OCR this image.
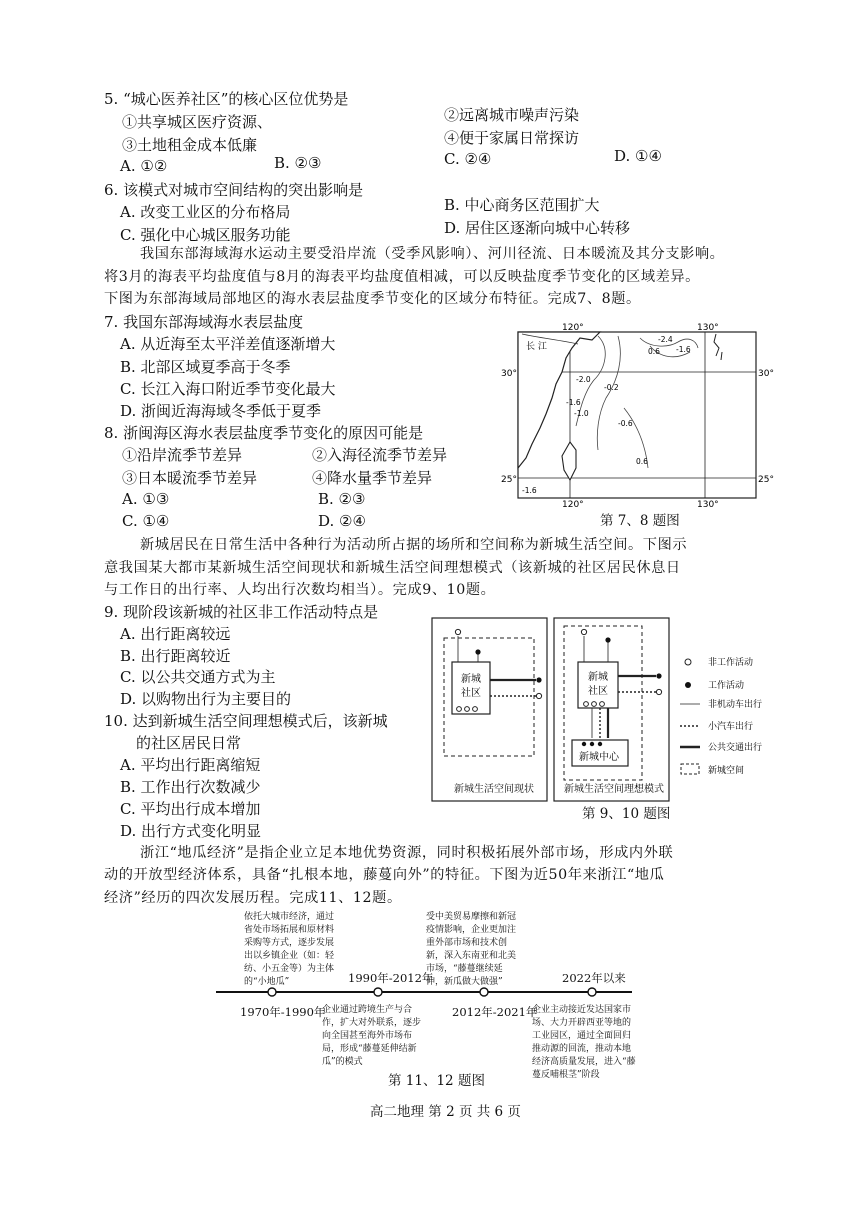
5. “城心医养社区”的核心区位优势是
①共享城区医疗资源、	②远离城市噪声污染
③土地租金成本低廉	④便于家属日常探访
A. ①②	B. ②③	C. ②④	D. ①④
6. 该模式对城市空间结构的突出影响是
A. 改变工业区的分布格局	B. 中心商务区范围扩大
C. 强化中心城区服务功能	D. 居住区逐渐向城中心转移
我国东部海域海水运动主要受沿岸流（受季风影响）、河川径流、日本暖流及其分支影响。
将3月的海表平均盐度值与8月的海表平均盐度值相减，可以反映盐度季节变化的区域差异。
下图为东部海域局部地区的海水表层盐度季节变化的区域分布特征。完成7、8题。
7. 我国东部海域海水表层盐度
A. 从近海至太平洋差值逐渐增大
B. 北部区域夏季高于冬季
C. 长江入海口附近季节变化最大
D. 浙闽近海海域冬季低于夏季
8. 浙闽海区海水表层盐度季节变化的原因可能是
①沿岸流季节差异	②入海径流季节差异
③日本暖流季节差异	④降水量季节差异
A. ①③	B. ②③
C. ①④	D. ②④
120°	130°
120°	130°
30°	30°
25°	25°
长 江
-2.0
-0.2
-1.6
-1.0
-0.6
0.6
0.6 -1.6
-2.4
-1.6
第 7、8 题图
新城居民在日常生活中各种行为活动所占据的场所和空间称为新城生活空间。下图示
意我国某大都市某新城生活空间现状和新城生活空间理想模式（该新城的社区居民休息日
与工作日的出行率、人均出行次数均相当）。完成9、10题。
9. 现阶段该新城的社区非工作活动特点是
A. 出行距离较远
B. 出行距离较近
C. 以公共交通方式为主
D. 以购物出行为主要目的
10. 达到新城生活空间理想模式后，该新城
的社区居民日常
A. 平均出行距离缩短
B. 工作出行次数减少
C. 平均出行成本增加
D. 出行方式变化明显
新城社区
新城社区
新城中心
非工作活动
工作活动
非机动车出行
小汽车出行
公共交通出行
新城空间
新城生活空间现状	新城生活空间理想模式
第 9、10 题图
浙江“地瓜经济”是指企业立足本地优势资源，同时积极拓展外部市场，形成内外联
动的开放型经济体系，具备“扎根本地，藤蔓向外”的特征。下图为近50年来浙江“地瓜
经济”经历的四次发展历程。完成11、12题。
依托大城市经济，通过省处市场拓展和原材料采购等方式，逐步发展出以乡镇企业（如：轻纺、小五金等）为主体的“小地瓜”
受中美贸易摩擦和新冠疫情影响，企业更加注重外部市场和技术创新，深入东南亚和北美市场，“藤蔓继续延伸，新瓜做大做强”
1990年-2012年	2022年以来
1970年-1990年	2012年-2021年
企业通过跨境生产与合作，扩大对外联系，逐步向全国甚至海外市场布局，形成“藤蔓延伸结新瓜”的模式
企业主动接近发达国家市场、大力开辟西亚等地的工业园区，通过全面回归推动源的回流，推动本地经济高质量发展，进入“藤蔓反哺根茎”阶段
第 11、12 题图
高二地理 第 2 页 共 6 页
